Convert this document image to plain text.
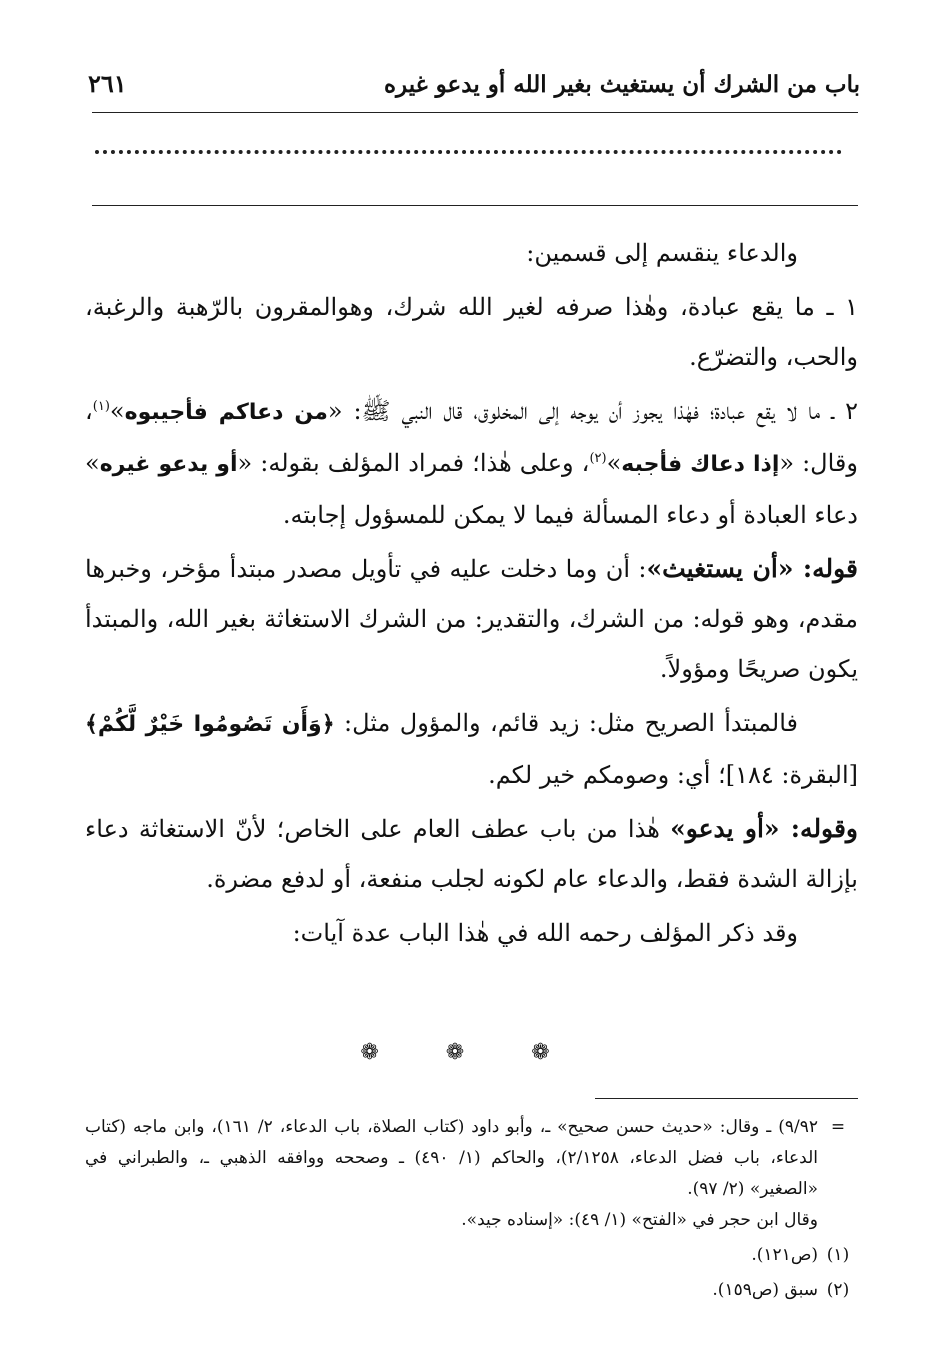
باب من الشرك أن يستغيث بغير الله أو يدعو غيره
٢٦١

والدعاء ينقسم إلى قسمين:

١ ـ ما يقع عبادة، وهٰذا صرفه لغير الله شرك، وهوالمقرون بالرّهبة والرغبة، والحب، والتضرّع.

٢ ـ ما لا يقع عبادة؛ فهٰذا يجوز أن يوجه إلى المخلوق، قال النبي ﷺ: «من دعاكم فأجيبوه»$^{(١)}$، وقال: «إذا دعاك فأجبه»$^{(٢)}$، وعلى هٰذا؛ فمراد المؤلف بقوله: «أو يدعو غيره» دعاء العبادة أو دعاء المسألة فيما لا يمكن للمسؤول إجابته.

قوله: «أن يستغيث»: أن وما دخلت عليه في تأويل مصدر مبتدأ مؤخر، وخبرها مقدم، وهو قوله: من الشرك، والتقدير: من الشرك الاستغاثة بغير الله، والمبتدأ يكون صريحًا ومؤولاً.

فالمبتدأ الصريح مثل: زيد قائم، والمؤول مثل: ﴿وَأَن تَصُومُوا خَيْرٌ لَّكُمْ﴾ [البقرة: ١٨٤]؛ أي: وصومكم خير لكم.

وقوله: «أو يدعو» هٰذا من باب عطف العام على الخاص؛ لأنّ الاستغاثة دعاء بإزالة الشدة فقط، والدعاء عام لكونه لجلب منفعة، أو لدفع مضرة.

وقد ذكر المؤلف رحمه الله في هٰذا الباب عدة آيات:

❁ ❁ ❁
=
٩/٩٢) ـ وقال: «حديث حسن صحيح» ـ، وأبو داود (كتاب الصلاة، باب الدعاء، ٢/ ١٦١)، وابن ماجه (كتاب الدعاء، باب فضل الدعاء، ٢/١٢٥٨)، والحاكم (١/ ٤٩٠) ـ وصححه ووافقه الذهبي ـ، والطبراني في «الصغير» (٢/ ٩٧).
وقال ابن حجر في «الفتح» (١/ ٤٩): «إسناده جيد».
(١)
(ص١٢١).
(٢)
سبق (ص١٥٩).
